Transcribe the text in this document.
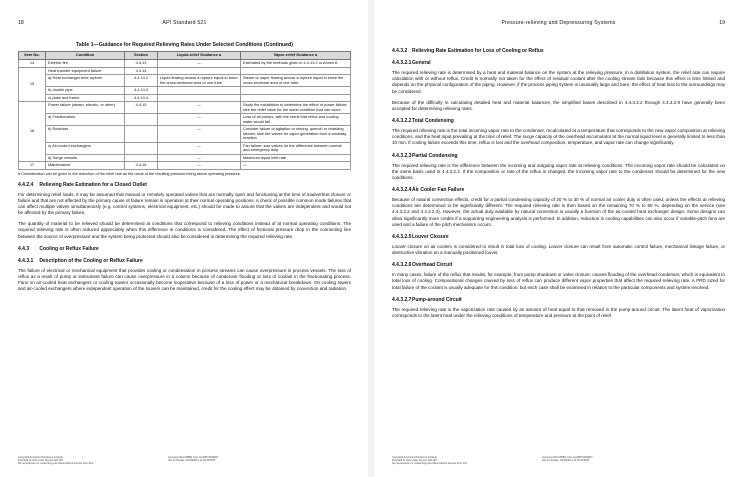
18	API Standard 521
Table 1—Guidance for Required Relieving Rates Under Selected Conditions (Continued)
Item No.	Condition	Section	Liquid-relief Guidance a	Vapor-relief Guidance a
14	Exterior fire	4.4.13	—	Estimated by the methods given in 4.4.13.2 or Annex A
15	Heat transfer equipment failure	4.4.14		
	a) Heat exchanger tube rupture	4.4.14.2	Liquid flowing across a rupture equal to twice the cross-sectional area of one tube	Steam or vapor flowing across a rupture equal to twice the cross-sectional area of one tube
	b) double pipe	4.4.14.3		
	c) plate and frame	4.4.14.4		
16	Power failure (steam, electric, or other)	4.4.15	—	Study the installation to determine the effect of power failure; size the relief valve for the worst condition that can occur
	a) Fractionators		—	Loss of all pumps, with the result that reflux and cooling water would fail
	b) Reactors		—	Consider failure of agitation or stirring, quench or retarding stream; size the valves for vapor generation from a runaway reaction
	c) Air-cooled exchangers		—	Fan failure; size valves for the difference between normal and emergency duty
	d) Surge vessels		—	Maximum liquid inlet rate
17	Maintenance	4.4.16	—	—
a Consideration can be given to the reduction of the relief rate as the result of the resulting pressure being above operating pressure.
4.4.2.4 Relieving Rate Estimation for a Closed Outlet

For determining relief loads, it may be assumed that manual or remotely operated valves that are normally open and functioning at the time of inadvertent closure or failure and that are not affected by the primary cause of failure remain in operation at their normal operating positions. A check of possible common mode failures that can affect multiple valves simultaneously (e.g. control systems, electrical equipment, etc.) should be made to assure that the valves are independent and would not be affected by the primary failure.

The quantity of material to be relieved should be determined at conditions that correspond to relieving conditions instead of at normal operating conditions. The required relieving rate is often reduced appreciably when this difference in conditions is considered. The effect of frictional pressure drop in the connecting line between the source of overpressure and the system being protected should also be considered in determining the required relieving rate.

4.4.3 Cooling or Reflux Failure
4.4.3.1 Description of the Cooling or Reflux Failure

The failure of electrical or mechanical equipment that provides cooling or condensation in process streams can cause overpressure in process vessels. The loss of reflux as a result of pump or instrument failure can cause overpressure in a column because of condenser flooding or loss of coolant in the fractionating process. Fans on air-cooled heat exchangers or cooling towers occasionally become inoperative because of a loss of power or a mechanical breakdown. On cooling towers and air-cooled exchangers where independent operation of the louvers can be maintained, credit for the cooling effect may be obtained by convection and radiation.

Copyright American Petroleum Institute
Provided by IHS under license with API
No reproduction or networking permitted without license from IHS
Licensee=Fluor/8881 Univ-proj/5572269007
Not for Resale, 02/15/2011 11:46:18 MST
Pressure-relieving and Depressuring Systems	19
4.4.3.2 Relieving Rate Estimation for Loss of Cooling or Reflux
4.4.3.2.1General

The required relieving rate is determined by a heat and material balance on the system at the relieving pressure. In a distillation system, the relief rate can require calculation with or without reflux. Credit is normally not taken for the effect of residual coolant after the cooling stream fails because this effect is time limited and depends on the physical configuration of the piping. However, if the process piping system is unusually large and bare, the effect of heat loss to the surroundings may be considered.

Because of the difficulty in calculating detailed heat and material balances, the simplified bases described in 4.4.3.2.2 through 4.4.3.2.9 have generally been accepted for determining relieving rates.

4.4.3.2.2Total Condensing

The required relieving rate is the total incoming vapor rate to the condenser, recalculated at a temperature that corresponds to the new vapor composition at relieving conditions, and the heat input prevailing at the time of relief. The surge capacity of the overhead accumulator at the normal liquid level is generally limited to less than 10 min. If cooling failure exceeds this time, reflux is lost and the overhead composition, temperature, and vapor rate can change significantly.

4.4.3.2.3Partial Condensing

The required relieving rate is the difference between the incoming and outgoing vapor rate at relieving conditions. The incoming vapor rate should be calculated on the same basis used in 4.4.3.2.2. If the composition or rate of the reflux is changed, the incoming vapor rate to the condenser should be determined for the new conditions.

4.4.3.2.4Air Cooler Fan Failure

Because of natural convection effects, credit for a partial condensing capacity of 20 % to 30 % of normal air cooler duty is often used, unless the effects at relieving conditions are determined to be significantly different. The required relieving rate is then based on the remaining 70 % to 80 %, depending on the service (see 4.4.3.2.2 and 4.4.3.2.3). However, the actual duty available by natural convection is usually a function of the air-cooled heat exchanger design. Some designs can allow significantly more credits if a supporting engineering analysis is performed. In addition, reduction in cooling capabilities can also occur if variable-pitch fans are used and a failure of the pitch mechanism occurs.

4.4.3.2.5Louver Closure

Louver closure on air coolers is considered to result in total loss of cooling. Louver closure can result from automatic control failure, mechanical linkage failure, or destructive vibration on a manually positioned louver.

4.4.3.2.6Overhead Circuit

In many cases, failure of the reflux that results, for example, from pump shutdown or valve closure, causes flooding of the overhead condenser, which is equivalent to total loss of cooling. Compositional changes caused by loss of reflux can produce different vapor properties that affect the required relieving rate. A PRD sized for total failure of the coolant is usually adequate for this condition, but each case shall be examined in relation to the particular components and system involved.

4.4.3.2.7Pump-around Circuit

The required relieving rate is the vaporization rate caused by an amount of heat equal to that removed in the pump-around circuit. The latent heat of vaporization corresponds to the latent heat under the relieving conditions of temperature and pressure at the point of relief.

Copyright American Petroleum Institute
Provided by IHS under license with API
No reproduction or networking permitted without license from IHS
Licensee=Fluor/8881 Univ-proj/5572269007
Not for Resale, 02/15/2011 11:46:18 MST
